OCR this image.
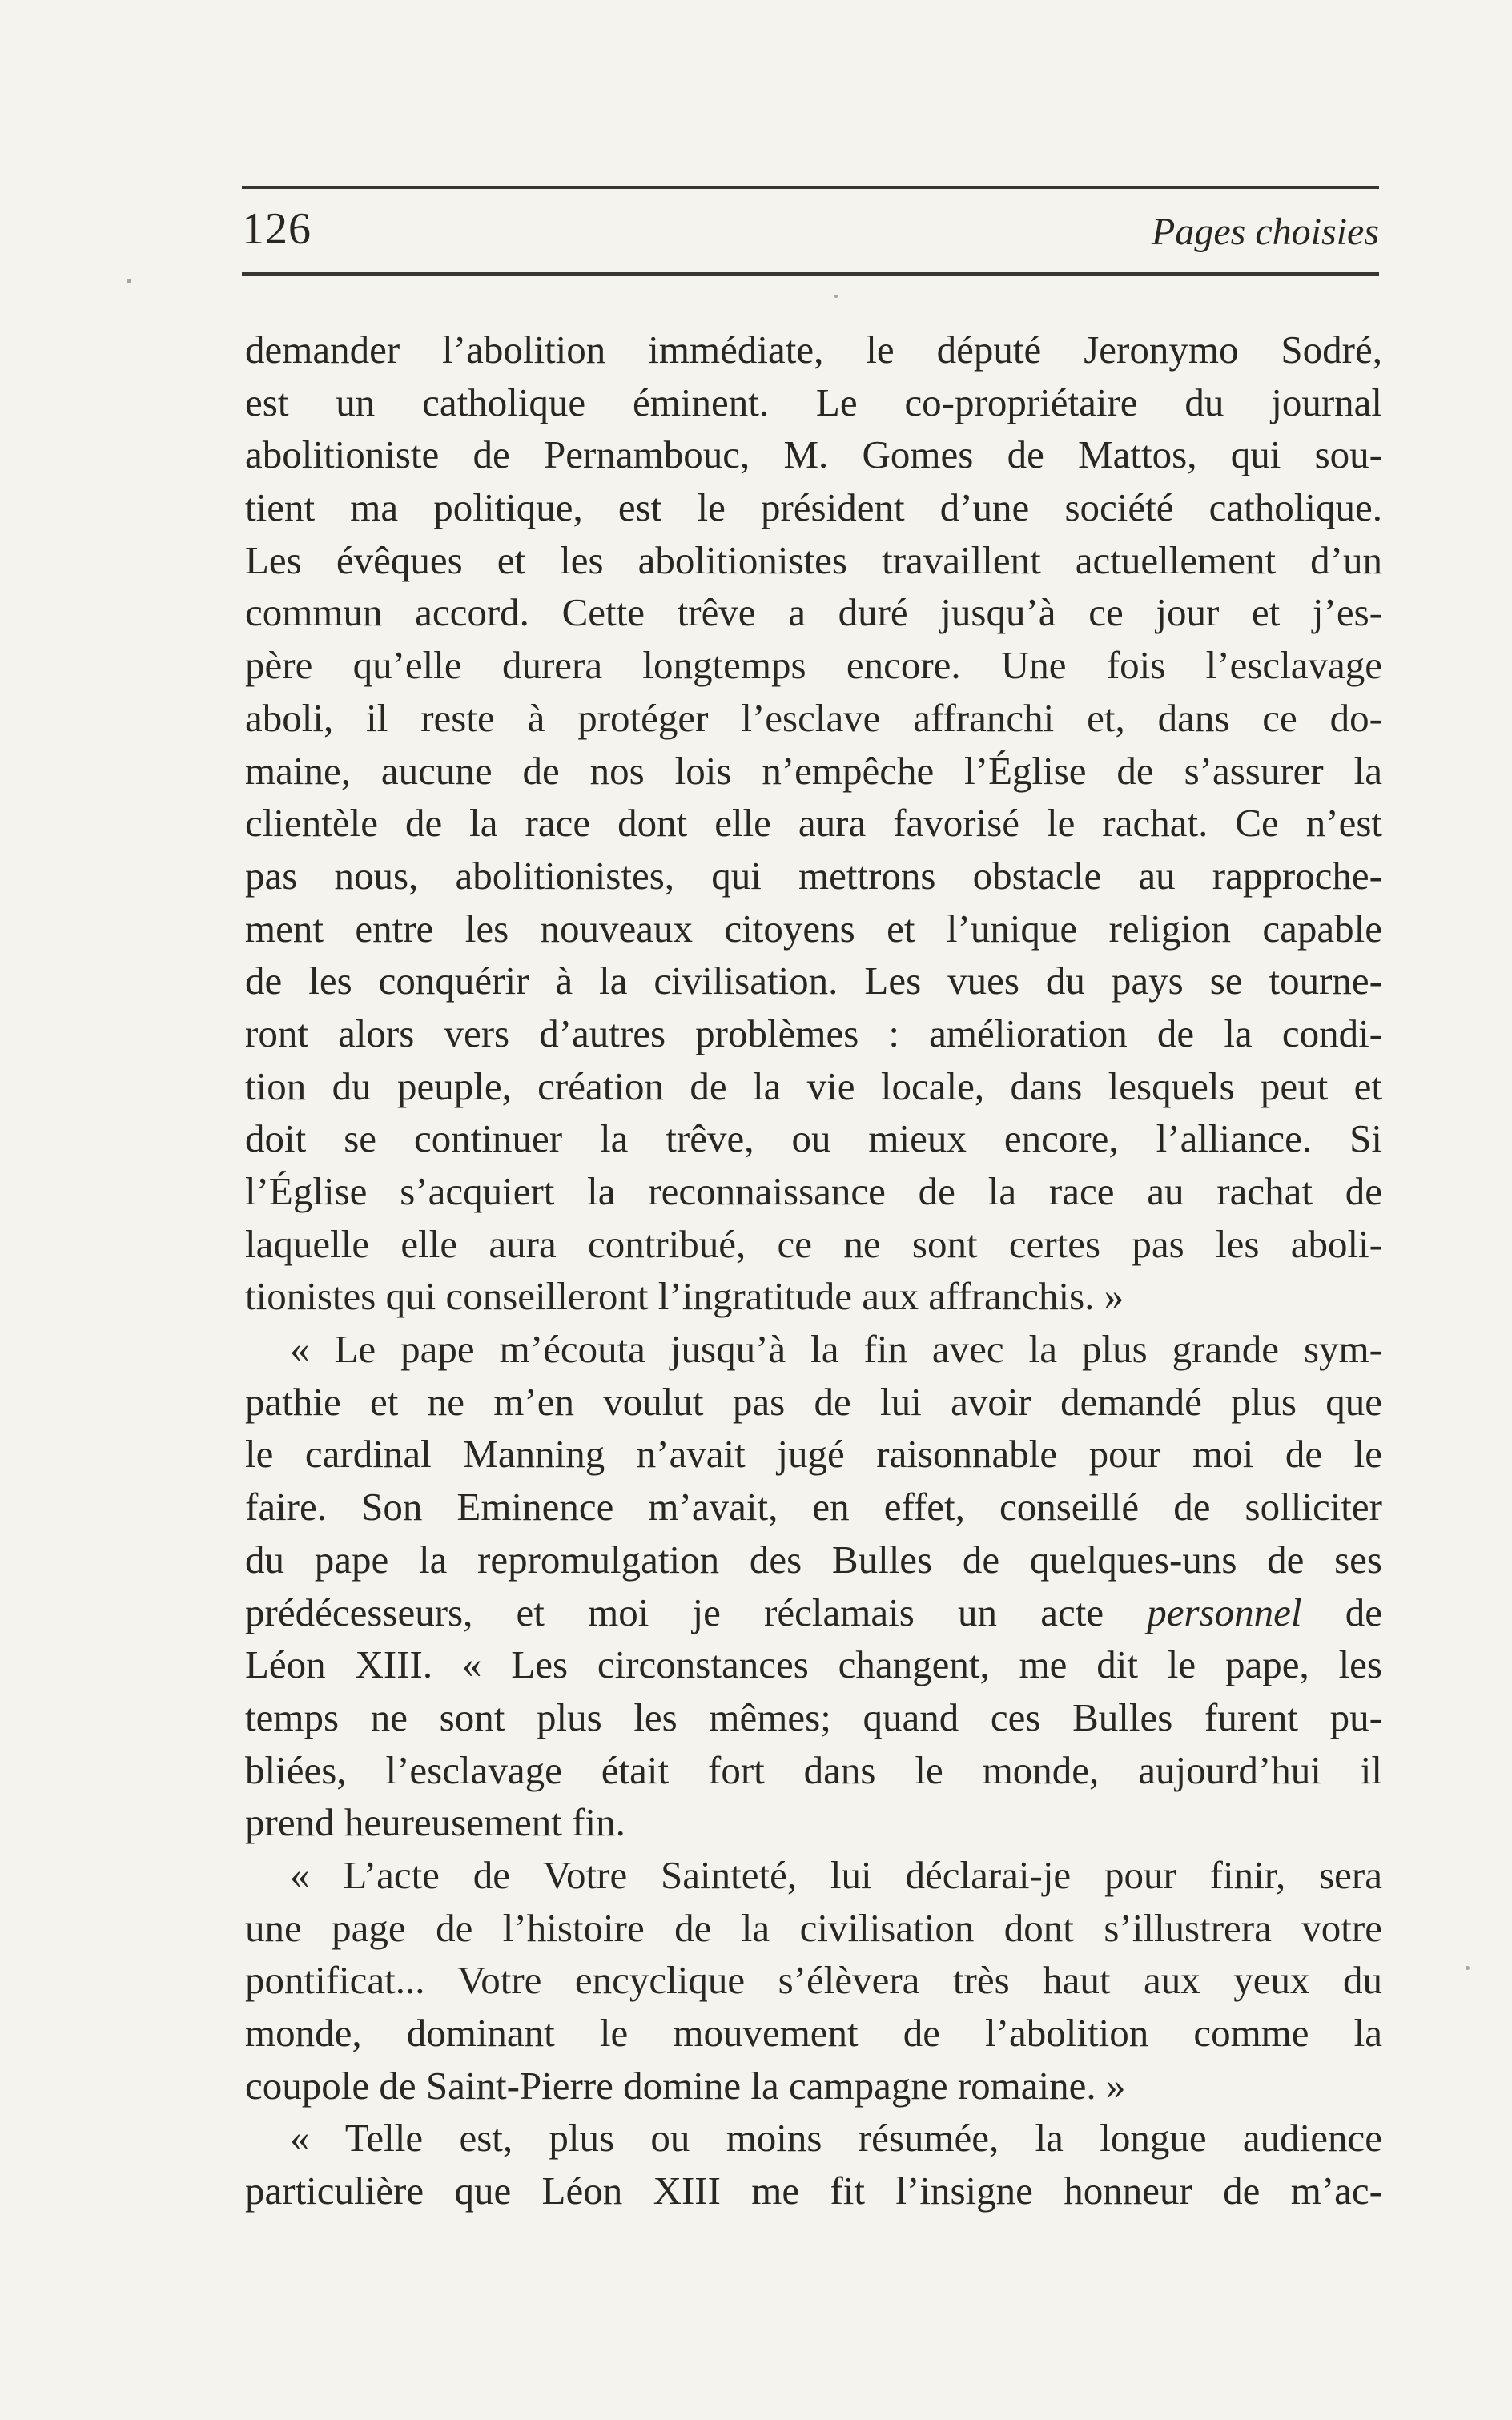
126	Pages choisies
demander l’abolition immédiate, le député Jeronymo Sodré,
est un catholique éminent. Le co-propriétaire du journal
abolitioniste de Pernambouc, M. Gomes de Mattos, qui sou-
tient ma politique, est le président d’une société catholique.
Les évêques et les abolitionistes travaillent actuellement d’un
commun accord. Cette trêve a duré jusqu’à ce jour et j’es-
père qu’elle durera longtemps encore. Une fois l’esclavage
aboli, il reste à protéger l’esclave affranchi et, dans ce do-
maine, aucune de nos lois n’empêche l’Église de s’assurer la
clientèle de la race dont elle aura favorisé le rachat. Ce n’est
pas nous, abolitionistes, qui mettrons obstacle au rapproche-
ment entre les nouveaux citoyens et l’unique religion capable
de les conquérir à la civilisation. Les vues du pays se tourne-
ront alors vers d’autres problèmes : amélioration de la condi-
tion du peuple, création de la vie locale, dans lesquels peut et
doit se continuer la trêve, ou mieux encore, l’alliance. Si
l’Église s’acquiert la reconnaissance de la race au rachat de
laquelle elle aura contribué, ce ne sont certes pas les aboli-
tionistes qui conseilleront l’ingratitude aux affranchis. »
« Le pape m’écouta jusqu’à la fin avec la plus grande sym-
pathie et ne m’en voulut pas de lui avoir demandé plus que
le cardinal Manning n’avait jugé raisonnable pour moi de le
faire. Son Eminence m’avait, en effet, conseillé de solliciter
du pape la repromulgation des Bulles de quelques-uns de ses
prédécesseurs, et moi je réclamais un acte personnel de
Léon XIII. « Les circonstances changent, me dit le pape, les
temps ne sont plus les mêmes; quand ces Bulles furent pu-
bliées, l’esclavage était fort dans le monde, aujourd’hui il
prend heureusement fin.
« L’acte de Votre Sainteté, lui déclarai-je pour finir, sera
une page de l’histoire de la civilisation dont s’illustrera votre
pontificat... Votre encyclique s’élèvera très haut aux yeux du
monde, dominant le mouvement de l’abolition comme la
coupole de Saint-Pierre domine la campagne romaine. »
« Telle est, plus ou moins résumée, la longue audience
particulière que Léon XIII me fit l’insigne honneur de m’ac-
